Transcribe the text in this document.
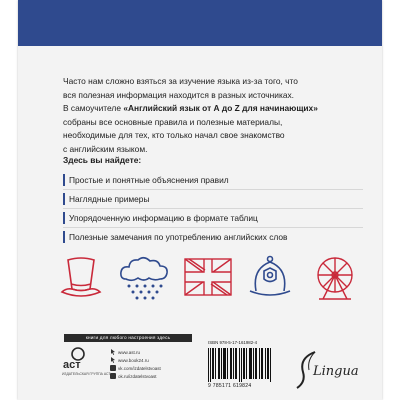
Часто нам сложно взяться за изучение языка из-за того, что
вся полезная информация находится в разных источниках.
В самоучителе «Английский язык от А до Z для начинающих»
собраны все основные правила и полезные материалы,
необходимые для тех, кто только начал свое знакомство
с английским языком.
Здесь вы найдете:
Простые и понятные объяснения правил
Наглядные примеры
Упорядоченную информацию в формате таблиц
Полезные замечания по употреблению английских слов
книги для любого настроения здесь
аст
ИЗДАТЕЛЬСКАЯ ГРУППА АСТ
www.ast.ru
www.book24.ru
vk.com/izdatelstvoast
ok.ru/izdatelstvoast
ISBN 978-5-17-161982-4
9 785171 619824
Lingua
